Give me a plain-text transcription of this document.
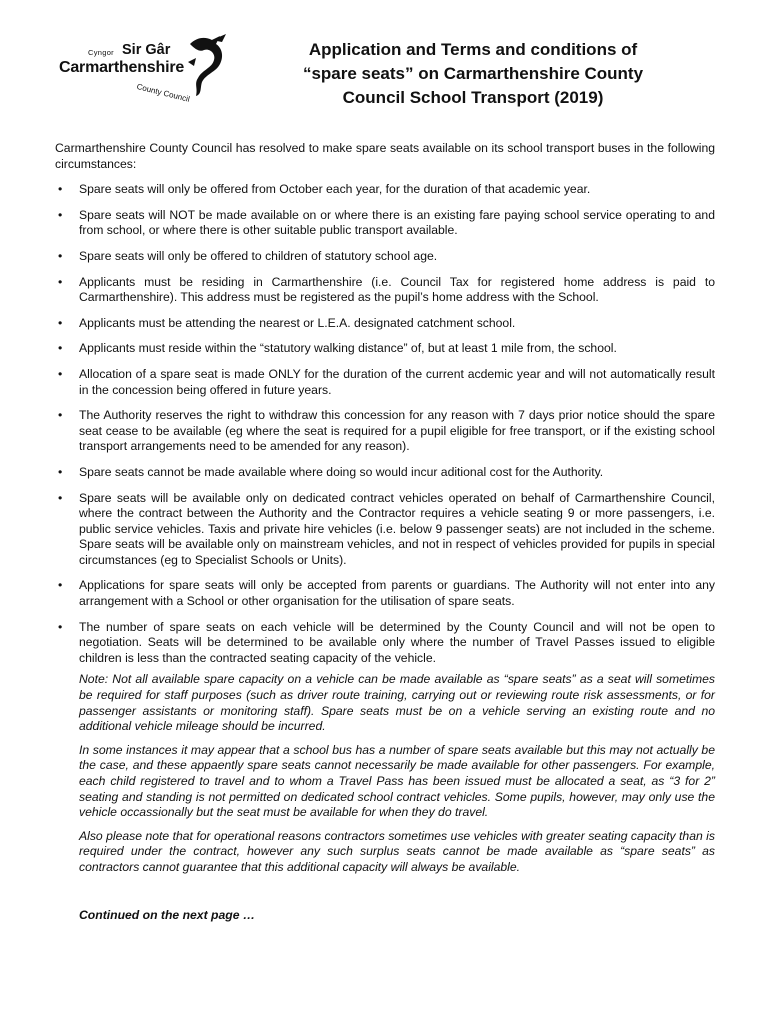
Cyngor Sir Gâr
Carmarthenshire
County Council
Application and Terms and conditions of
“spare seats” on Carmarthenshire County
Council School Transport (2019)

Carmarthenshire County Council has resolved to make spare seats available on its school transport buses in the following circumstances:

• Spare seats will only be offered from October each year, for the duration of that academic year.
• Spare seats will NOT be made available on or where there is an existing fare paying school service operating to and from school, or where there is other suitable public transport available.
• Spare seats will only be offered to children of statutory school age.
• Applicants must be residing in Carmarthenshire (i.e. Council Tax for registered home address is paid to Carmarthenshire). This address must be registered as the pupil’s home address with the School.
• Applicants must be attending the nearest or L.E.A. designated catchment school.
• Applicants must reside within the “statutory walking distance” of, but at least 1 mile from, the school.
• Allocation of a spare seat is made ONLY for the duration of the current acdemic year and will not automatically result in the concession being offered in future years.
• The Authority reserves the right to withdraw this concession for any reason with 7 days prior notice should the spare seat cease to be available (eg where the seat is required for a pupil eligible for free transport, or if the existing school transport arrangements need to be amended for any reason).
• Spare seats cannot be made available where doing so would incur aditional cost for the Authority.
• Spare seats will be available only on dedicated contract vehicles operated on behalf of Carmarthenshire Council, where the contract between the Authority and the Contractor requires a vehicle seating 9 or more passengers, i.e. public service vehicles. Taxis and private hire vehicles (i.e. below 9 passenger seats) are not included in the scheme. Spare seats will be available only on mainstream vehicles, and not in respect of vehicles provided for pupils in special circumstances (eg to Specialist Schools or Units).
• Applications for spare seats will only be accepted from parents or guardians. The Authority will not enter into any arrangement with a School or other organisation for the utilisation of spare seats.
• The number of spare seats on each vehicle will be determined by the County Council and will not be open to negotiation. Seats will be determined to be available only where the number of Travel Passes issued to eligible children is less than the contracted seating capacity of the vehicle.

Note: Not all available spare capacity on a vehicle can be made available as “spare seats” as a seat will sometimes be required for staff purposes (such as driver route training, carrying out or reviewing route risk assessments, or for passenger assistants or monitoring staff). Spare seats must be on a vehicle serving an existing route and no additional vehicle mileage should be incurred.

In some instances it may appear that a school bus has a number of spare seats available but this may not actually be the case, and these appaently spare seats cannot necessarily be made available for other passengers. For example, each child registered to travel and to whom a Travel Pass has been issued must be allocated a seat, as “3 for 2” seating and standing is not permitted on dedicated school contract vehicles. Some pupils, however, may only use the vehicle occassionally but the seat must be available for when they do travel.

Also please note that for operational reasons contractors sometimes use vehicles with greater seating capacity than is required under the contract, however any such surplus seats cannot be made available as “spare seats” as contractors cannot guarantee that this additional capacity will always be available.

Continued on the next page …
